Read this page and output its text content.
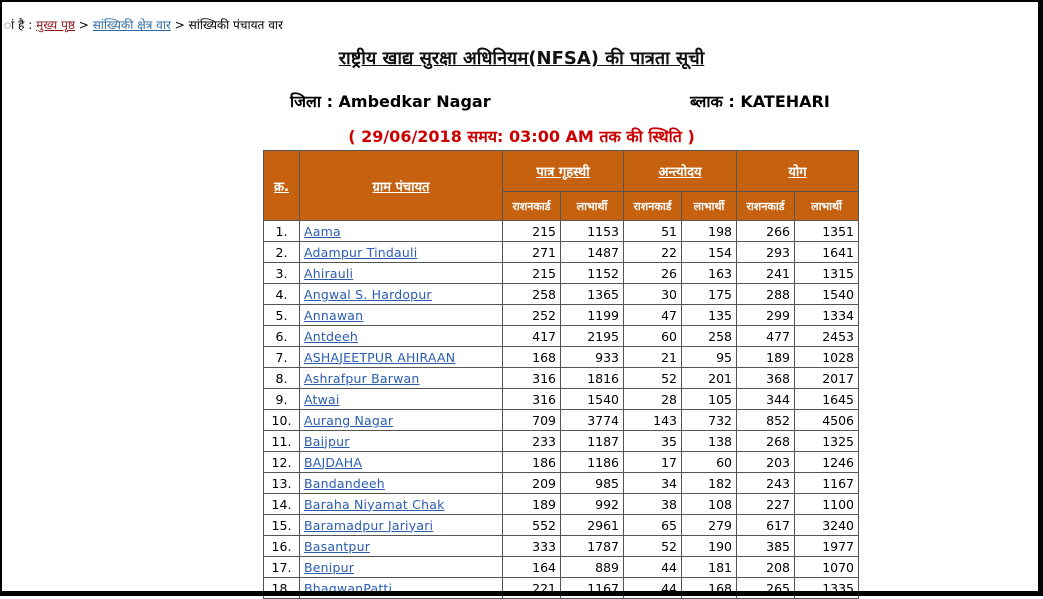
ां है : मुख्य पृष्ठ > सांख्यिकी क्षेत्र वार > सांख्यिकी पंचायत वार
राष्ट्रीय खाद्य सुरक्षा अधिनियम(NFSA) की पात्रता सूची
जिला : Ambedkar Nagar	ब्लाक : KATEHARI
( 29/06/2018 समय: 03:00 AM तक की स्थिति )
क्र.	ग्राम पंचायत	पात्र गृहस्थी		अन्त्योदय		योग	
		राशनकार्ड	लाभार्थी	राशनकार्ड	लाभार्थी	राशनकार्ड	लाभार्थी
1.	Aama	215	1153	51	198	266	1351
2.	Adampur Tindauli	271	1487	22	154	293	1641
3.	Ahirauli	215	1152	26	163	241	1315
4.	Angwal S. Hardopur	258	1365	30	175	288	1540
5.	Annawan	252	1199	47	135	299	1334
6.	Antdeeh	417	2195	60	258	477	2453
7.	ASHAJEETPUR AHIRAAN	168	933	21	95	189	1028
8.	Ashrafpur Barwan	316	1816	52	201	368	2017
9.	Atwai	316	1540	28	105	344	1645
10.	Aurang Nagar	709	3774	143	732	852	4506
11.	Baijpur	233	1187	35	138	268	1325
12.	BAJDAHA	186	1186	17	60	203	1246
13.	Bandandeeh	209	985	34	182	243	1167
14.	Baraha Niyamat Chak	189	992	38	108	227	1100
15.	Baramadpur Jariyari	552	2961	65	279	617	3240
16.	Basantpur	333	1787	52	190	385	1977
17.	Benipur	164	889	44	181	208	1070
18.	BhagwanPatti	221	1167	44	168	265	1335
